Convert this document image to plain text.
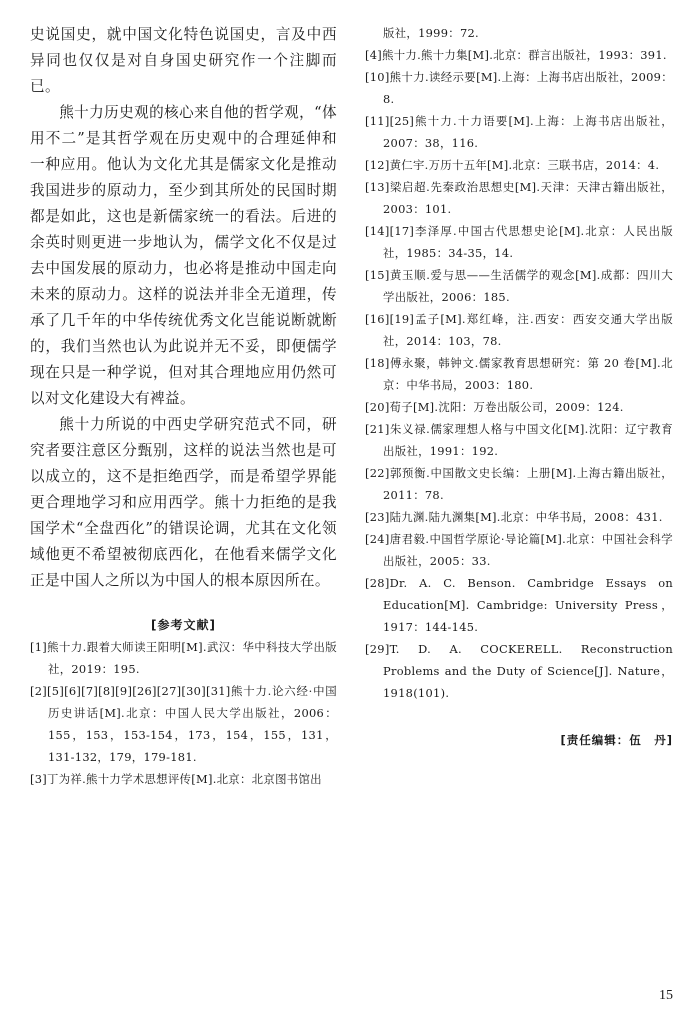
史说国史，就中国文化特色说国史，言及中西异同也仅仅是对自身国史研究作一个注脚而已。

熊十力历史观的核心来自他的哲学观，“体用不二”是其哲学观在历史观中的合理延伸和一种应用。他认为文化尤其是儒家文化是推动我国进步的原动力，至少到其所处的民国时期都是如此，这也是新儒家统一的看法。后进的余英时则更进一步地认为，儒学文化不仅是过去中国发展的原动力，也必将是推动中国走向未来的原动力。这样的说法并非全无道理，传承了几千年的中华传统优秀文化岂能说断就断的，我们当然也认为此说并无不妥，即便儒学现在只是一种学说，但对其合理地应用仍然可以对文化建设大有裨益。

熊十力所说的中西史学研究范式不同，研究者要注意区分甄别，这样的说法当然也是可以成立的，这不是拒绝西学，而是希望学界能更合理地学习和应用西学。熊十力拒绝的是我国学术“全盘西化”的错误论调，尤其在文化领域他更不希望被彻底西化，在他看来儒学文化正是中国人之所以为中国人的根本原因所在。

[参考文献]

[1]熊十力.跟着大师读王阳明[M].武汉：华中科技大学出版社，2019：195.

[2][5][6][7][8][9][26][27][30][31]熊十力.论六经·中国历史讲话[M].北京：中国人民大学出版社，2006：155，153，153-154，173，154，155，131，131-132，179，179-181.

[3]丁为祥.熊十力学术思想评传[M].北京：北京图书馆出

版社，1999：72.

[4]熊十力.熊十力集[M].北京：群言出版社，1993：391.

[10]熊十力.读经示要[M].上海：上海书店出版社，2009：8.

[11][25]熊十力.十力语要[M].上海：上海书店出版社，2007：38，116.

[12]黄仁宇.万历十五年[M].北京：三联书店，2014：4.

[13]梁启超.先秦政治思想史[M].天津：天津古籍出版社，2003：101.

[14][17]李泽厚.中国古代思想史论[M].北京：人民出版社，1985：34-35，14.

[15]黄玉顺.爱与思——生活儒学的观念[M].成都：四川大学出版社，2006：185.

[16][19]孟子[M].郑红峰，注.西安：西安交通大学出版社，2014：103，78.

[18]傅永聚，韩钟文.儒家教育思想研究：第 20 卷[M].北京：中华书局，2003：180.

[20]荀子[M].沈阳：万卷出版公司，2009：124.

[21]朱义禄.儒家理想人格与中国文化[M].沈阳：辽宁教育出版社，1991：192.

[22]郭预衡.中国散文史长编：上册[M].上海古籍出版社，2011：78.

[23]陆九渊.陆九渊集[M].北京：中华书局，2008：431.

[24]唐君毅.中国哲学原论·导论篇[M].北京：中国社会科学出版社，2005：33.

[28]Dr. A. C. Benson. Cambridge Essays on Education[M]. Cambridge: University Press，1917：144-145.

[29]T. D. A. COCKERELL. Reconstruction Problems and the Duty of Science[J]. Nature，1918(101).

[责任编辑：伍　丹]
15
